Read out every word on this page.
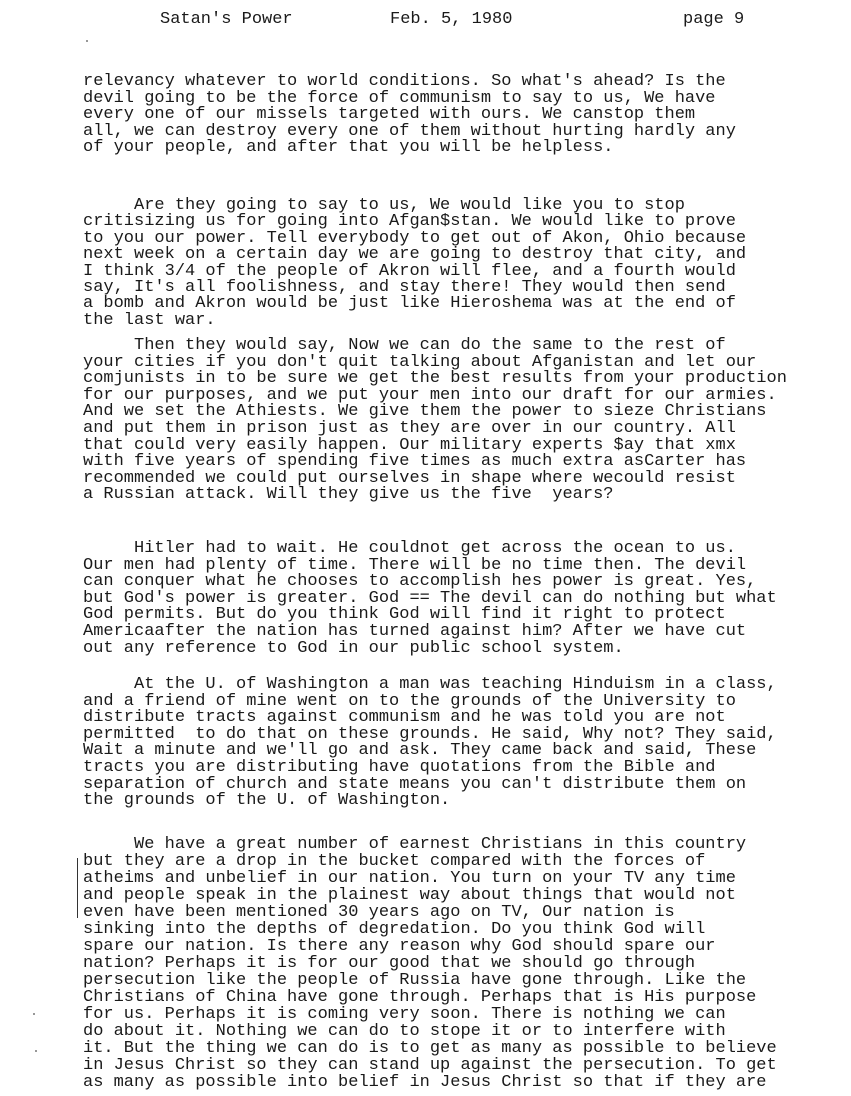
Satan's Power	Feb. 5, 1980	page 9
relevancy whatever to world conditions. So what's ahead? Is the
devil going to be the force of communism to say to us, We have
every one of our missels targeted with ours. We canstop them
all, we can destroy every one of them without hurting hardly any
of your people, and after that you will be helpless.
Are they going to say to us, We would like you to stop
critisizing us for going into Afgan$stan. We would like to prove
to you our power. Tell everybody to get out of Akon, Ohio because
next week on a certain day we are going to destroy that city, and
I think 3/4 of the people of Akron will flee, and a fourth would
say, It's all foolishness, and stay there! They would then send
a bomb and Akron would be just like Hieroshema was at the end of
the last war.
Then they would say, Now we can do the same to the rest of
your cities if you don't quit talking about Afganistan and let our
comjunists in to be sure we get the best results from your production
for our purposes, and we put your men into our draft for our armies.
And we set the Athiests. We give them the power to sieze Christians
and put them in prison just as they are over in our country. All
that could very easily happen. Our military experts $ay that xmx
with five years of spending five times as much extra asCarter has
recommended we could put ourselves in shape where wecould resist
a Russian attack. Will they give us the five  years?
Hitler had to wait. He couldnot get across the ocean to us.
Our men had plenty of time. There will be no time then. The devil
can conquer what he chooses to accomplish hes power is great. Yes,
but God's power is greater. God == The devil can do nothing but what
God permits. But do you think God will find it right to protect
Americaafter the nation has turned against him? After we have cut
out any reference to God in our public school system.
At the U. of Washington a man was teaching Hinduism in a class,
and a friend of mine went on to the grounds of the University to
distribute tracts against communism and he was told you are not
permitted  to do that on these grounds. He said, Why not? They said,
Wait a minute and we'll go and ask. They came back and said, These
tracts you are distributing have quotations from the Bible and
separation of church and state means you can't distribute them on
the grounds of the U. of Washington.
We have a great number of earnest Christians in this country
but they are a drop in the bucket compared with the forces of
atheims and unbelief in our nation. You turn on your TV any time
and people speak in the plainest way about things that would not
even have been mentioned 30 years ago on TV, Our nation is
sinking into the depths of degredation. Do you think God will
spare our nation. Is there any reason why God should spare our
nation? Perhaps it is for our good that we should go through
persecution like the people of Russia have gone through. Like the
Christians of China have gone through. Perhaps that is His purpose
for us. Perhaps it is coming very soon. There is nothing we can
do about it. Nothing we can do to stope it or to interfere with
it. But the thing we can do is to get as many as possible to believe
in Jesus Christ so they can stand up against the persecution. To get
as many as possible into belief in Jesus Christ so that if they are
